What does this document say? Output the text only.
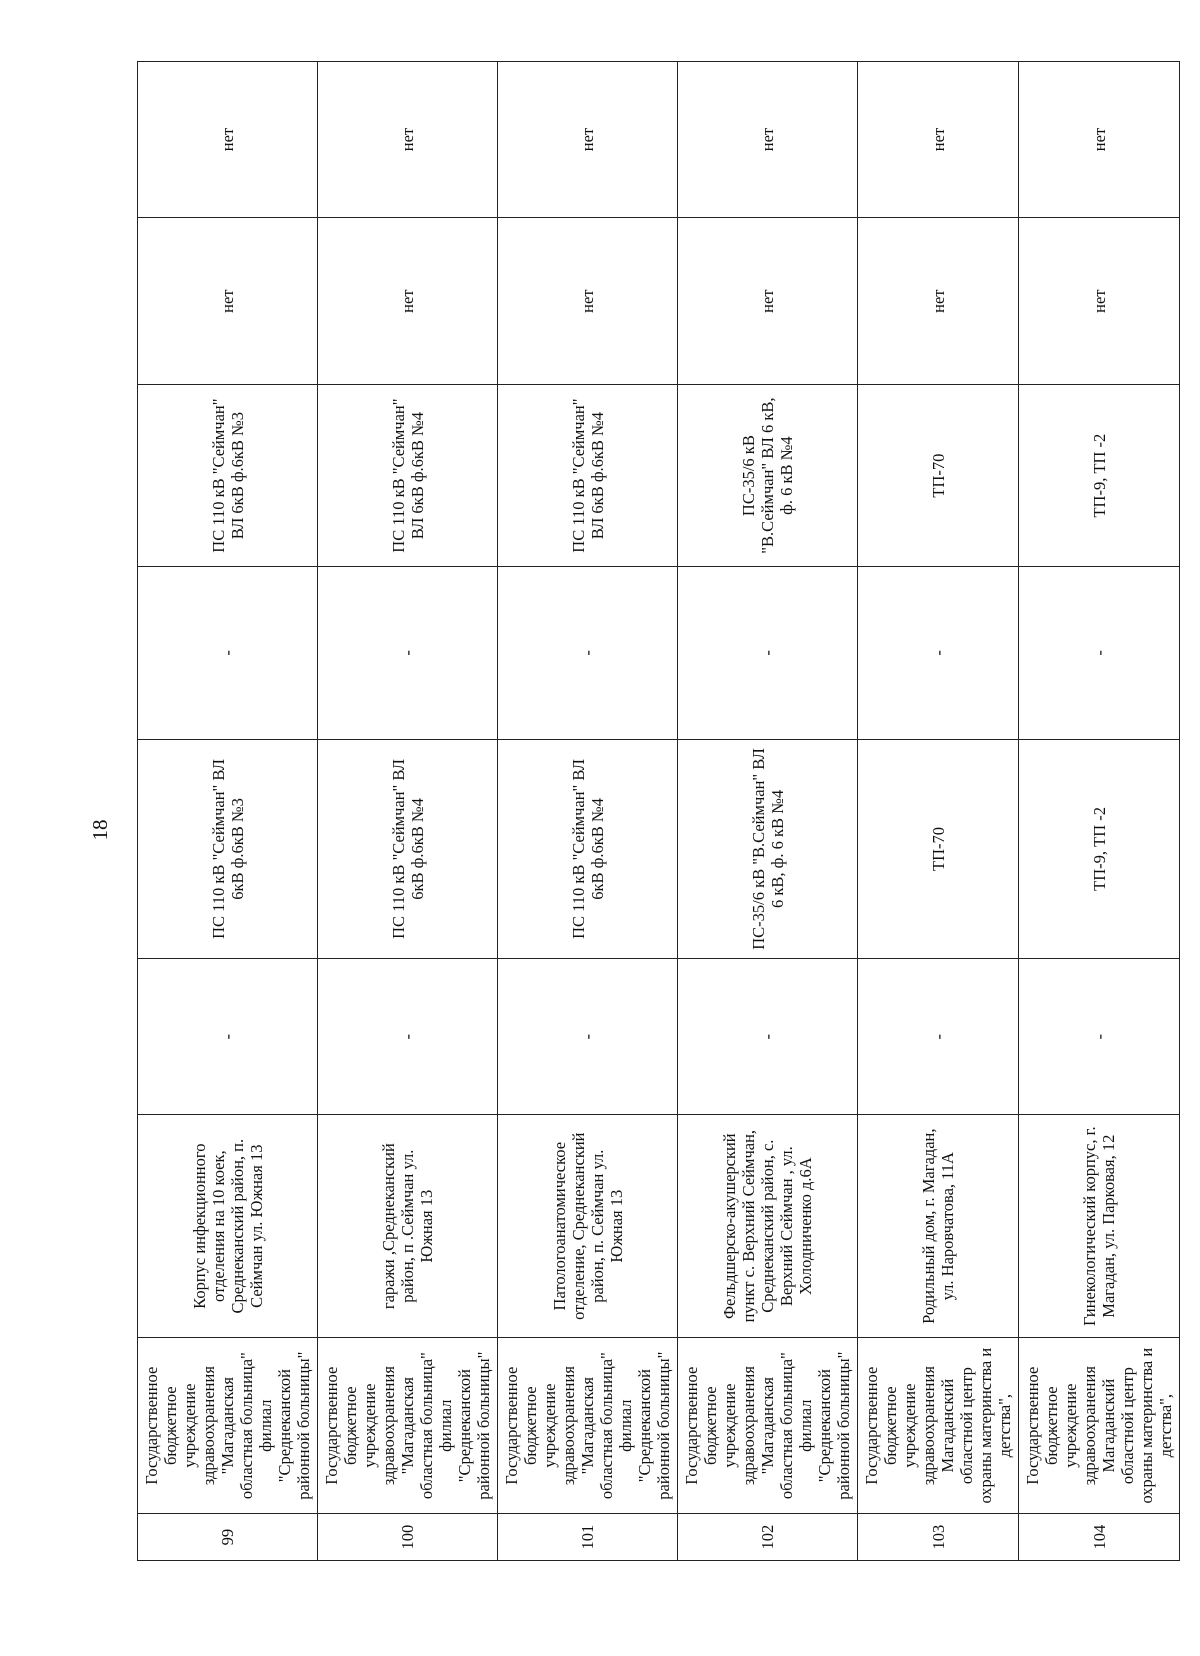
18
99	Государственное бюджетное учреждение здравоохранения "Магаданская областная больница" филиал "Среднеканской районной больницы"	Корпус инфекционного отделения на 10 коек, Среднеканский район, п. Сеймчан ул. Южная 13	-	ПС 110 кВ "Сеймчан" ВЛ 6кВ ф.6кВ №3	-	ПС 110 кВ "Сеймчан" ВЛ 6кВ ф.6кВ №3	нет	нет
100	Государственное бюджетное учреждение здравоохранения "Магаданская областная больница" филиал "Среднеканской районной больницы"	гаражи ,Среднеканский район, п .Сеймчан ул. Южная 13	-	ПС 110 кВ "Сеймчан" ВЛ 6кВ ф.6кВ №4	-	ПС 110 кВ "Сеймчан" ВЛ 6кВ ф.6кВ №4	нет	нет
101	Государственное бюджетное учреждение здравоохранения "Магаданская областная больница" филиал "Среднеканской районной больницы"	Патологоанатомическое отделение, Среднеканский район, п. Сеймчан ул. Южная 13	-	ПС 110 кВ "Сеймчан" ВЛ 6кВ ф.6кВ №4	-	ПС 110 кВ "Сеймчан" ВЛ 6кВ ф.6кВ №4	нет	нет
102	Государственное бюджетное учреждение здравоохранения "Магаданская областная больница" филиал "Среднеканской районной больницы"	Фельдшерско-акушерский пункт с. Верхний Сеймчан, Среднеканский район, с. Верхний Сеймчан , ул. Холодниченко д.6А	-	ПС-35/6 кВ "В.Сеймчан" ВЛ 6 кВ, ф. 6 кВ №4	-	ПС-35/6 кВ "В.Сеймчан" ВЛ 6 кВ, ф. 6 кВ №4	нет	нет
103	Государственное бюджетное учреждение здравоохранения Магаданский областной центр охраны материнства и детства",	Родильный дом, г. Магадан, ул. Наровчатова, 11А	-	ТП-70	-	ТП-70	нет	нет
104	Государственное бюджетное учреждение здравоохранения Магаданский областной центр охраны материнства и детства",	Гинекологический корпус, г. Магадан, ул. Парковая, 12	-	ТП-9, ТП -2	-	ТП-9, ТП -2	нет	нет
